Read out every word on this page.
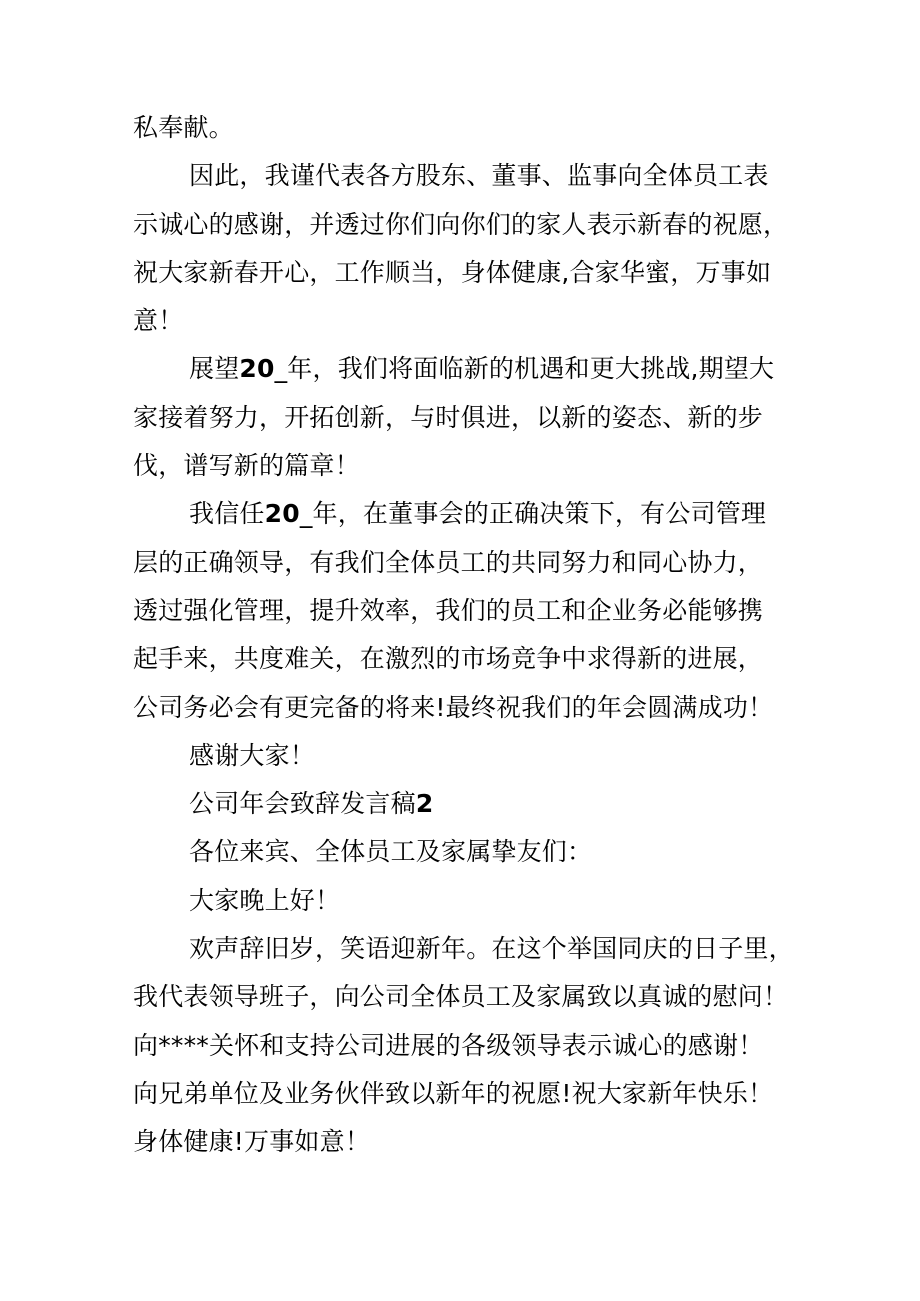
私奉献。
因此，我谨代表各方股东、董事、监事向全体员工表
示诚心的感谢，并透过你们向你们的家人表示新春的祝愿，
祝大家新春开心，工作顺当，身体健康,合家华蜜，万事如
意！
展望20_年，我们将面临新的机遇和更大挑战,期望大
家接着努力，开拓创新，与时俱进，以新的姿态、新的步
伐，谱写新的篇章！
我信任20_年，在董事会的正确决策下，有公司管理
层的正确领导，有我们全体员工的共同努力和同心协力，
透过强化管理，提升效率，我们的员工和企业务必能够携
起手来，共度难关，在激烈的市场竞争中求得新的进展，
公司务必会有更完备的将来!最终祝我们的年会圆满成功！
感谢大家！
公司年会致辞发言稿2
各位来宾、全体员工及家属挚友们：
大家晚上好！
欢声辞旧岁，笑语迎新年。在这个举国同庆的日子里，
我代表领导班子，向公司全体员工及家属致以真诚的慰问！
向****关怀和支持公司进展的各级领导表示诚心的感谢！
向兄弟单位及业务伙伴致以新年的祝愿!祝大家新年快乐！
身体健康!万事如意！
